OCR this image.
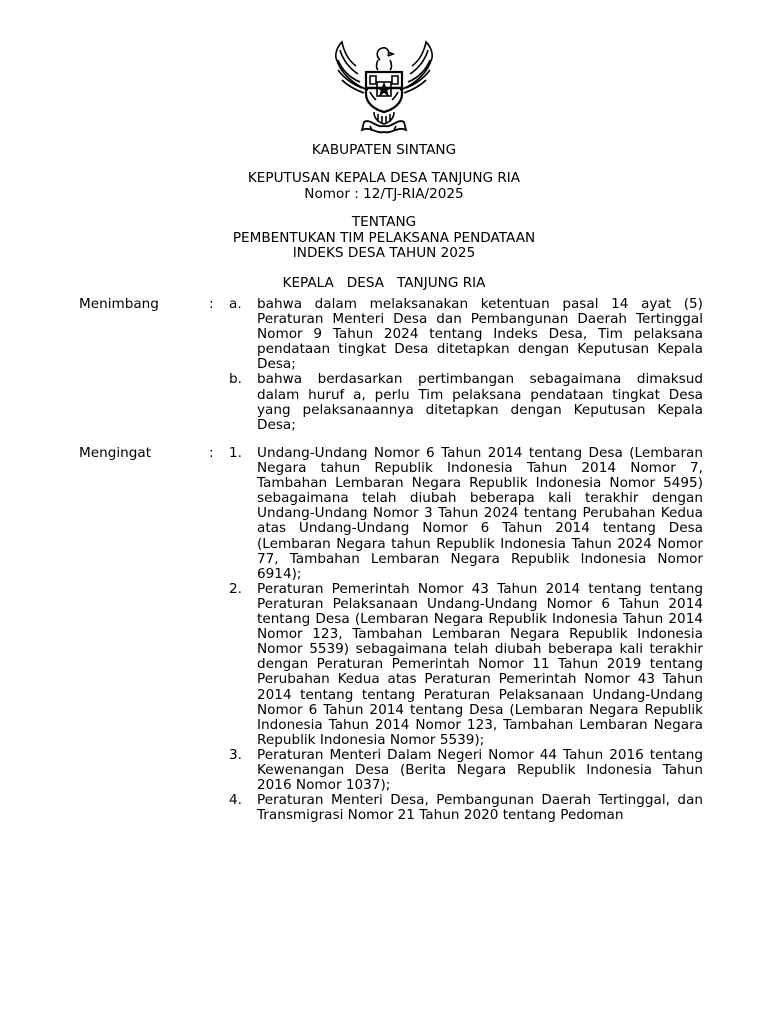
KABUPATEN SINTANG
KEPUTUSAN KEPALA DESA TANJUNG RIA
Nomor : 12/TJ-RIA/2025
TENTANG
PEMBENTUKAN TIM PELAKSANA PENDATAAN
INDEKS DESA TAHUN 2025
KEPALA   DESA   TANJUNG RIA
Menimbang	: a. bahwa dalam melaksanakan ketentuan pasal 14 ayat (5) Peraturan Menteri Desa dan Pembangunan Daerah Tertinggal Nomor 9 Tahun 2024 tentang Indeks Desa, Tim pelaksana pendataan tingkat Desa ditetapkan dengan Keputusan Kepala Desa;
b. bahwa berdasarkan pertimbangan sebagaimana dimaksud dalam huruf a, perlu Tim pelaksana pendataan tingkat Desa yang pelaksanaannya ditetapkan dengan Keputusan Kepala Desa;
Mengingat	: 1. Undang-Undang Nomor 6 Tahun 2014 tentang Desa (Lembaran Negara tahun Republik Indonesia Tahun 2014 Nomor 7, Tambahan Lembaran Negara Republik Indonesia Nomor 5495) sebagaimana telah diubah beberapa kali terakhir dengan Undang-Undang Nomor 3 Tahun 2024 tentang Perubahan Kedua atas Undang-Undang Nomor 6 Tahun 2014 tentang Desa (Lembaran Negara tahun Republik Indonesia Tahun 2024 Nomor 77, Tambahan Lembaran Negara Republik Indonesia Nomor 6914);
2. Peraturan Pemerintah Nomor 43 Tahun 2014 tentang tentang Peraturan Pelaksanaan Undang-Undang Nomor 6 Tahun 2014 tentang Desa (Lembaran Negara Republik Indonesia Tahun 2014 Nomor 123, Tambahan Lembaran Negara Republik Indonesia Nomor 5539) sebagaimana telah diubah beberapa kali terakhir dengan Peraturan Pemerintah Nomor 11 Tahun 2019 tentang Perubahan Kedua atas Peraturan Pemerintah Nomor 43 Tahun 2014 tentang tentang Peraturan Pelaksanaan Undang-Undang Nomor 6 Tahun 2014 tentang Desa (Lembaran Negara Republik Indonesia Tahun 2014 Nomor 123, Tambahan Lembaran Negara Republik Indonesia Nomor 5539);
3. Peraturan Menteri Dalam Negeri Nomor 44 Tahun 2016 tentang Kewenangan Desa (Berita Negara Republik Indonesia Tahun 2016 Nomor 1037);
4. Peraturan Menteri Desa, Pembangunan Daerah Tertinggal, dan Transmigrasi Nomor 21 Tahun 2020 tentang Pedoman
